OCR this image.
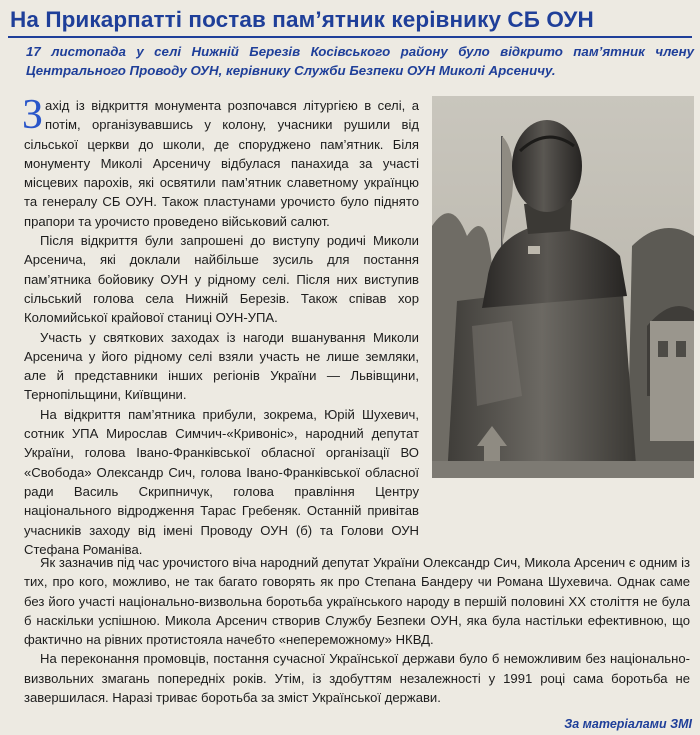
На Прикарпатті постав пам’ятник керівнику СБ ОУН
17 листопада у селі Нижній Березів Косівського району було відкрито пам’ятник члену Центрального Проводу ОУН, керівнику Служби Безпеки ОУН Миколі Арсеничу.

Захід із відкриття монумента розпочався літургією в селі, а потім, організувавшись у колону, учасники рушили від сільської церкви до школи, де споруджено пам’ятник. Біля монументу Миколі Арсеничу відбулася панахида за участі місцевих парохів, які освятили пам’ятник славетному українцю та генералу СБ ОУН. Також пластунами урочисто було піднято прапори та урочисто проведено військовий салют.

Після відкриття були запрошені до виступу родичі Миколи Арсенича, які доклали найбільше зусиль для постання пам’ятника бойовику ОУН у рідному селі. Після них виступив сільський голова села Нижній Березів. Також співав хор Коломийської крайової станиці ОУН-УПА.

Участь у святкових заходах із нагоди вшанування Миколи Арсенича у його рідному селі взяли участь не лише земляки, але й представники інших регіонів України — Львівщини, Тернопільщини, Київщини.

На відкриття пам’ятника прибули, зокрема, Юрій Шухевич, сотник УПА Мирослав Симчич-«Кривоніс», народний депутат України, голова Івано-Франківської обласної організації ВО «Свобода» Олександр Сич, голова Івано-Франківської обласної ради Василь Скрипничук, голова правління Центру національного відродження Тарас Гребеняк. Останній привітав учасників заходу від імені Проводу ОУН (б) та Голови ОУН Стефана Романіва.

Як зазначив під час урочистого віча народний депутат України Олександр Сич, Микола Арсенич є одним із тих, про кого, можливо, не так багато говорять як про Степана Бандеру чи Романа Шухевича. Однак саме без його участі національно-визвольна боротьба українського народу в першій половині XX століття не була б наскільки успішною. Микола Арсенич створив Службу Безпеки ОУН, яка була настільки ефективною, що фактично на рівних протистояла начебто «непереможному» НКВД.

На переконання промовців, постання сучасної Української держави було б неможливим без національно-визвольних змагань попередніх років. Утім, із здобуттям незалежності у 1991 році сама боротьба не завершилася. Наразі триває боротьба за зміст Української держави.

За матеріалами ЗМІ
